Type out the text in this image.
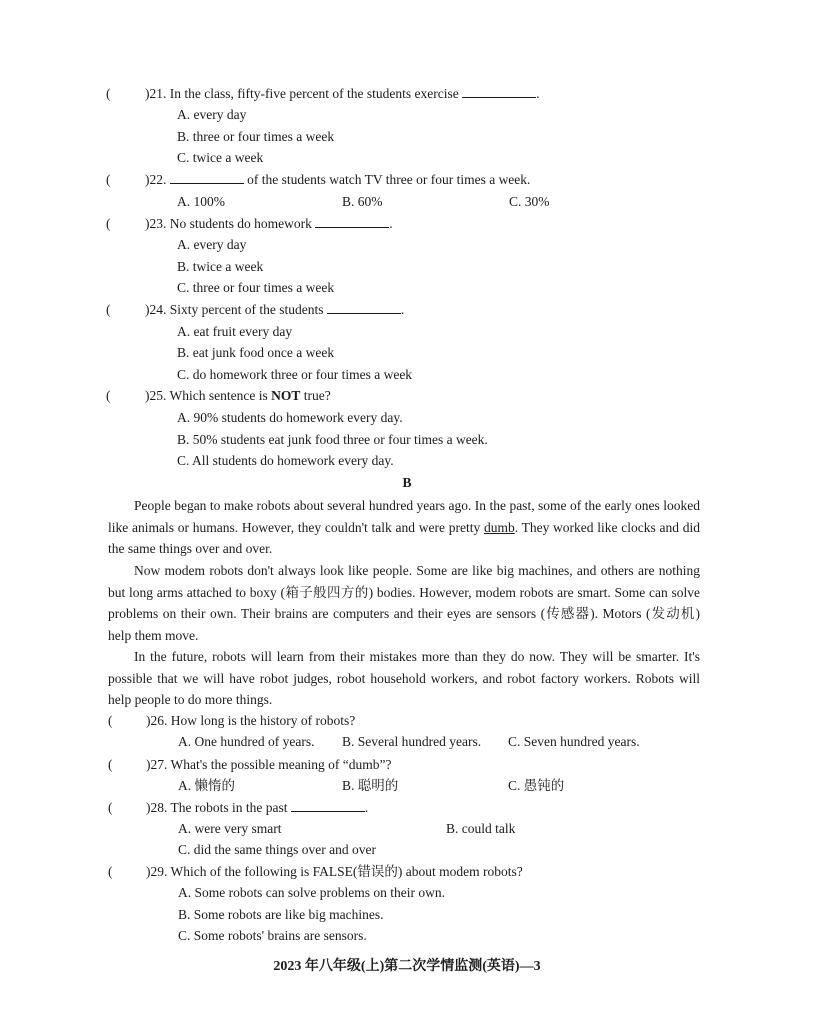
(	)21. In the class, fifty-five percent of the students exercise	.
A. every day
B. three or four times a week
C. twice a week
(	)22.	of the students watch TV three or four times a week.
A. 100%	B. 60%	C. 30%
(	)23. No students do homework	.
A. every day
B. twice a week
C. three or four times a week
(	)24. Sixty percent of the students	.
A. eat fruit every day
B. eat junk food once a week
C. do homework three or four times a week
(	)25. Which sentence is NOT true?
A. 90% students do homework every day.
B. 50% students eat junk food three or four times a week.
C. All students do homework every day.
B
People began to make robots about several hundred years ago. In the past, some of the early ones looked like animals or humans. However, they couldn't talk and were pretty dumb. They worked like clocks and did the same things over and over.
Now modem robots don't always look like people. Some are like big machines, and others are nothing but long arms attached to boxy (箱子般四方的) bodies. However, modem robots are smart. Some can solve problems on their own. Their brains are computers and their eyes are sensors (传感器). Motors (发动机) help them move.
In the future, robots will learn from their mistakes more than they do now. They will be smarter. It's possible that we will have robot judges, robot household workers, and robot factory workers. Robots will help people to do more things.
( )26. How long is the history of robots?
A. One hundred of years. B. Several hundred years. C. Seven hundred years.
( )27. What's the possible meaning of “dumb”?
A. 懒惰的	B. 聪明的	C. 愚钝的
( )28. The robots in the past	.
A. were very smart	B. could talk
C. did the same things over and over
( )29. Which of the following is FALSE(错误的) about modem robots?
A. Some robots can solve problems on their own.
B. Some robots are like big machines.
C. Some robots' brains are sensors.
2023 年八年级(上)第二次学情监测(英语)—3
